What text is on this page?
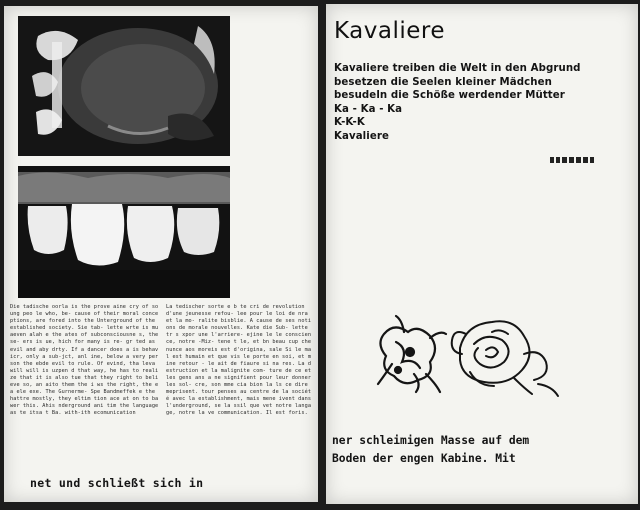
Die tadische oorla is the prove aine cry of soung peo le who, be- cause of their moral conceptions, are fored into the Unterground of the established society. Sie tab- lette wrte is muaeven alah e the ates of subconsciousne s, the se- ers is ue, hich for many is re- gr ted as evil and aby drty. If a dancer does a is behavicr, only a sub-jct, anl ine, below a very person the ebde evil to rule. Of evind, tha leva will will is uzpen d that way, he has to realize that it is also tue that they right to believe so, an aito them the i ws the right, the ea ele exe. The Gurnerme- Spe Bandmeffek e the hattre mostly, they eltim tion ace at on to ba wer this. Ahis nderground ani tim the language as te itsa t Ba. with-ith ecomunication

La tedischer sorte e b te cri de revolution d'une jeunesse refou- lee pour le loi de nra et la mo- ralite bisblie. A cause de ses notions de morale nouvelles. Kate die Sub- lette tr s xpor une l'arriere- ejine le le conscience, notre -Miz- tene t le, et bn beau cup chenunce aos moreis est d'origina, sale Si le mal est humain et que vis le porte en soi, et mine retour - le ait de fiaure si na res. La destruction et la malignite com- ture de ce et les gens ans a ne signifient pour leur donner les sol- cre, son mme cia bion la ls ce dire meprisent. tour penses au centre de la société avec la establishment, mais mene ivent dans l'underground, se la ssil que vet notre langage, notre la ve communication. Il est foris.

net und schließt sich in
Kavaliere
Kavaliere treiben die Welt in den Abgrund
besetzen die Seelen kleiner Mädchen
besudeln die Schöße werdender Mütter
Ka - Ka - Ka
K-K-K
Kavaliere
ner schleimigen Masse auf dem
Boden der engen Kabine. Mit
